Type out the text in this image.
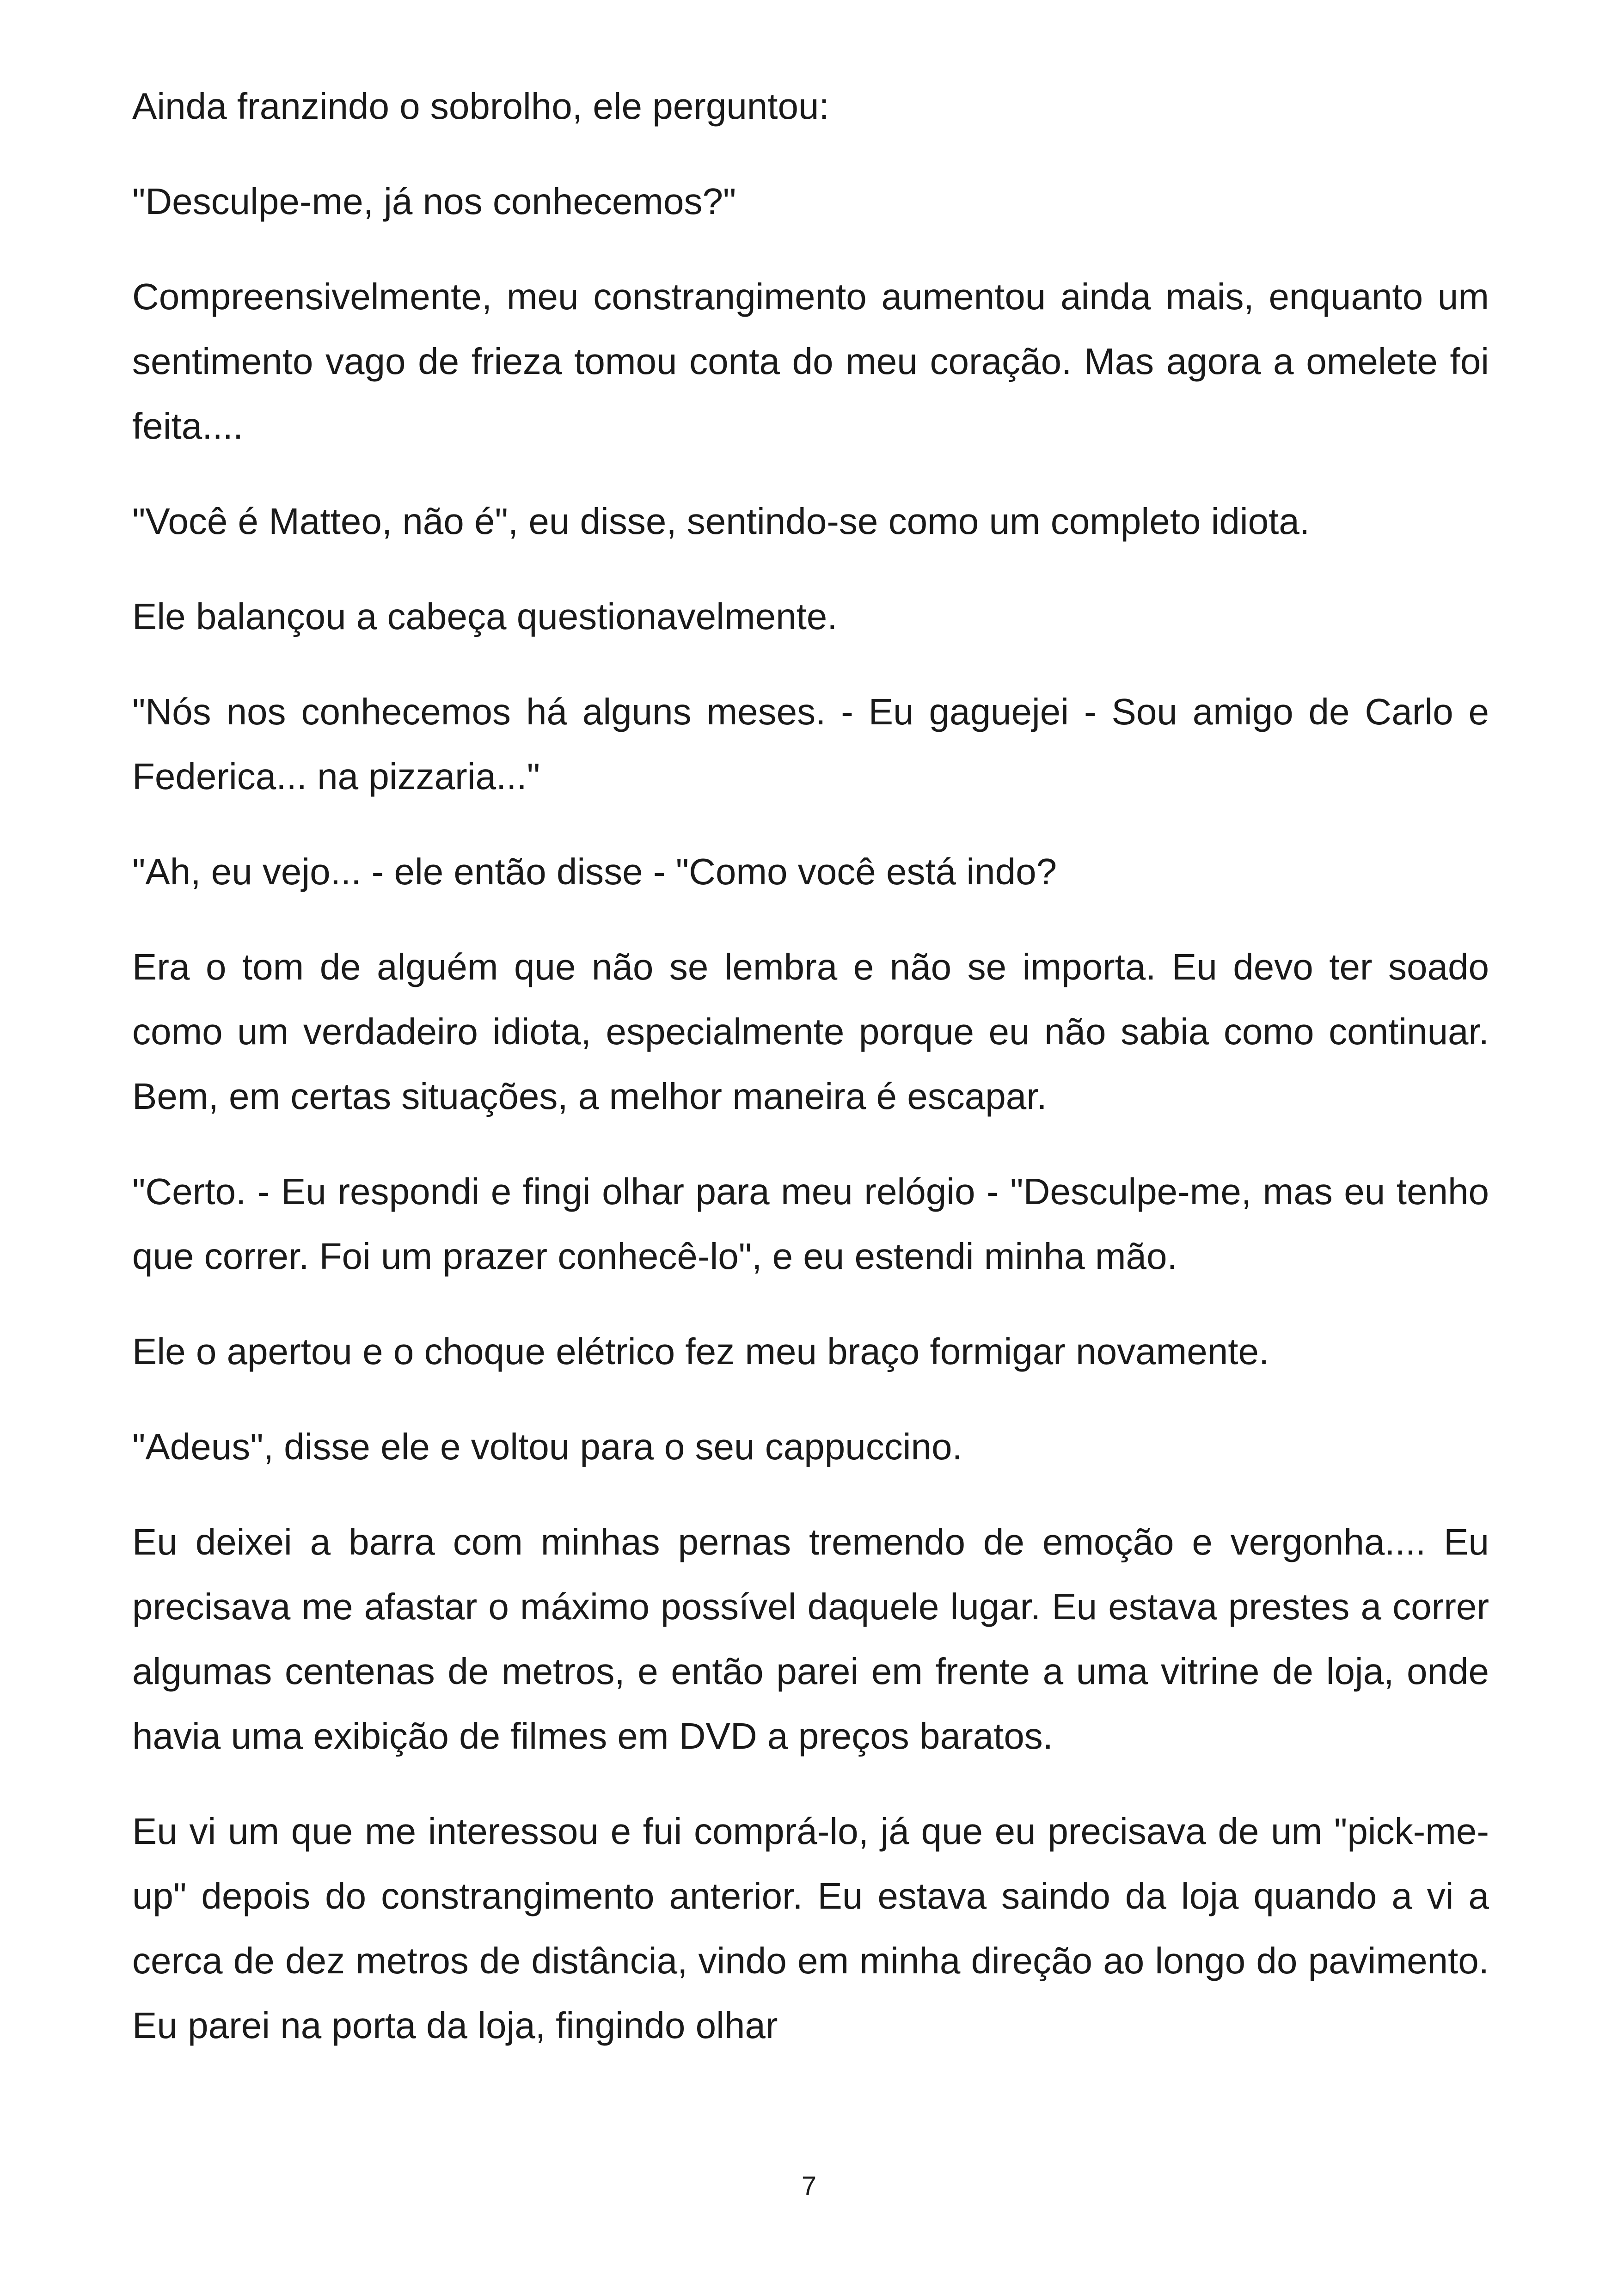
Ainda franzindo o sobrolho, ele perguntou:

"Desculpe-me, já nos conhecemos?"

Compreensivelmente, meu constrangimento aumentou ainda mais, enquanto um sentimento vago de frieza tomou conta do meu coração. Mas agora a omelete foi feita....

"Você é Matteo, não é", eu disse, sentindo-se como um completo idiota.

Ele balançou a cabeça questionavelmente.

"Nós nos conhecemos há alguns meses. - Eu gaguejei - Sou amigo de Carlo e Federica... na pizzaria..."

"Ah, eu vejo... - ele então disse - "Como você está indo?

Era o tom de alguém que não se lembra e não se importa. Eu devo ter soado como um verdadeiro idiota, especialmente porque eu não sabia como continuar. Bem, em certas situações, a melhor maneira é escapar.

"Certo. - Eu respondi e fingi olhar para meu relógio - "Desculpe-me, mas eu tenho que correr. Foi um prazer conhecê-lo", e eu estendi minha mão.

Ele o apertou e o choque elétrico fez meu braço formigar novamente.

"Adeus", disse ele e voltou para o seu cappuccino.

Eu deixei a barra com minhas pernas tremendo de emoção e vergonha.... Eu precisava me afastar o máximo possível daquele lugar. Eu estava prestes a correr algumas centenas de metros, e então parei em frente a uma vitrine de loja, onde havia uma exibição de filmes em DVD a preços baratos.

Eu vi um que me interessou e fui comprá-lo, já que eu precisava de um "pick-me-up" depois do constrangimento anterior. Eu estava saindo da loja quando a vi a cerca de dez metros de distância, vindo em minha direção ao longo do pavimento. Eu parei na porta da loja, fingindo olhar

7
